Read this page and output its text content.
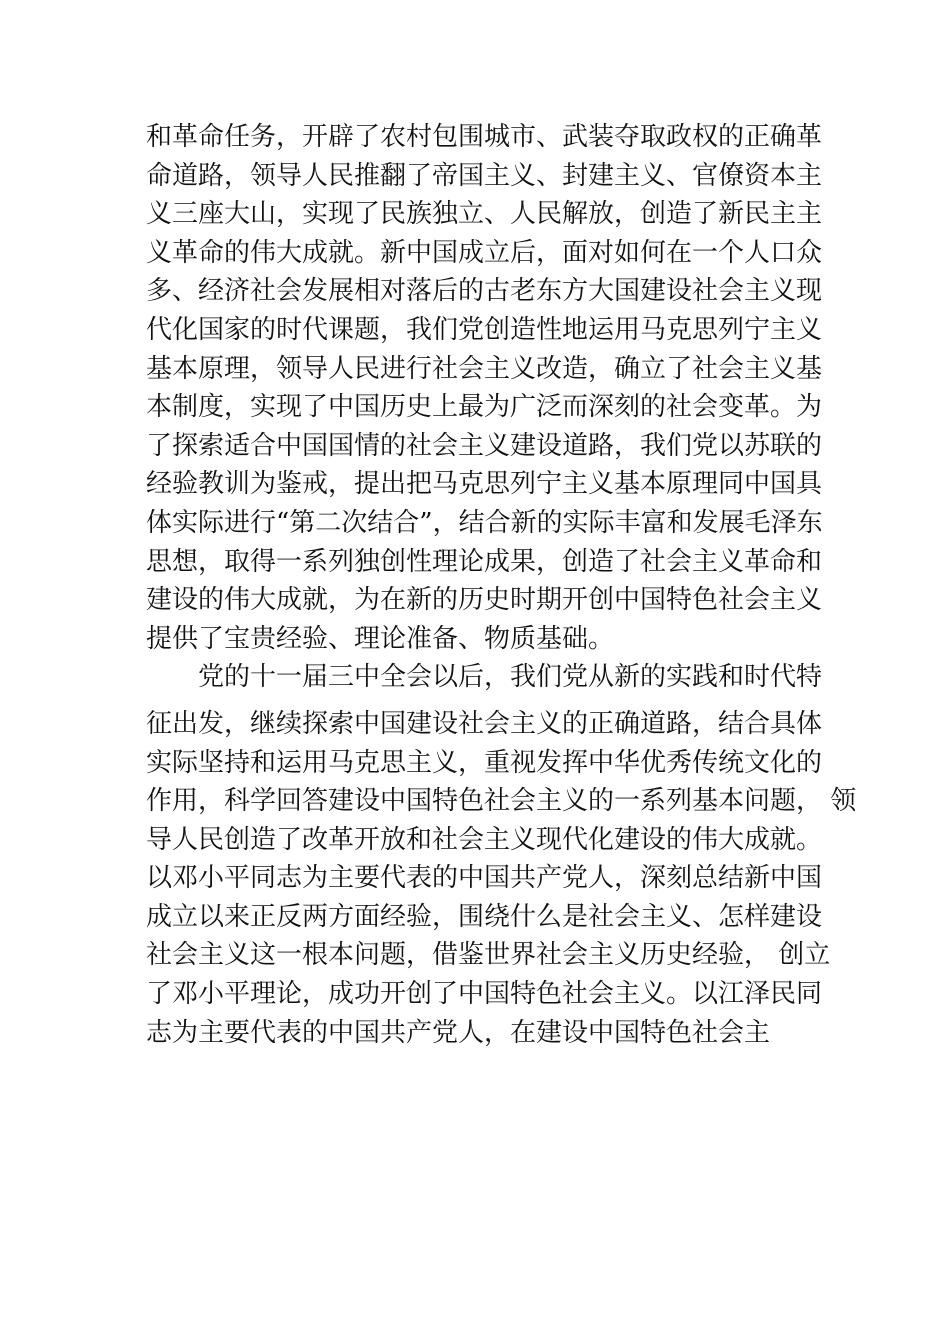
和革命任务，开辟了农村包围城市、武装夺取政权的正确革
命道路，领导人民推翻了帝国主义、封建主义、官僚资本主
义三座大山，实现了民族独立、人民解放，创造了新民主主
义革命的伟大成就。新中国成立后，面对如何在一个人口众
多、经济社会发展相对落后的古老东方大国建设社会主义现
代化国家的时代课题，我们党创造性地运用马克思列宁主义
基本原理，领导人民进行社会主义改造，确立了社会主义基
本制度，实现了中国历史上最为广泛而深刻的社会变革。为
了探索适合中国国情的社会主义建设道路，我们党以苏联的
经验教训为鉴戒，提出把马克思列宁主义基本原理同中国具
体实际进行“第二次结合”，结合新的实际丰富和发展毛泽东
思想，取得一系列独创性理论成果，创造了社会主义革命和
建设的伟大成就，为在新的历史时期开创中国特色社会主义
提供了宝贵经验、理论准备、物质基础。
党的十一届三中全会以后，我们党从新的实践和时代特
征出发，继续探索中国建设社会主义的正确道路，结合具体
实际坚持和运用马克思主义，重视发挥中华优秀传统文化的
作用，科学回答建设中国特色社会主义的一系列基本问题， 领
导人民创造了改革开放和社会主义现代化建设的伟大成就。
以邓小平同志为主要代表的中国共产党人，深刻总结新中国
成立以来正反两方面经验，围绕什么是社会主义、怎样建设
社会主义这一根本问题，借鉴世界社会主义历史经验， 创立
了邓小平理论，成功开创了中国特色社会主义。以江泽民同
志为主要代表的中国共产党人，在建设中国特色社会主
